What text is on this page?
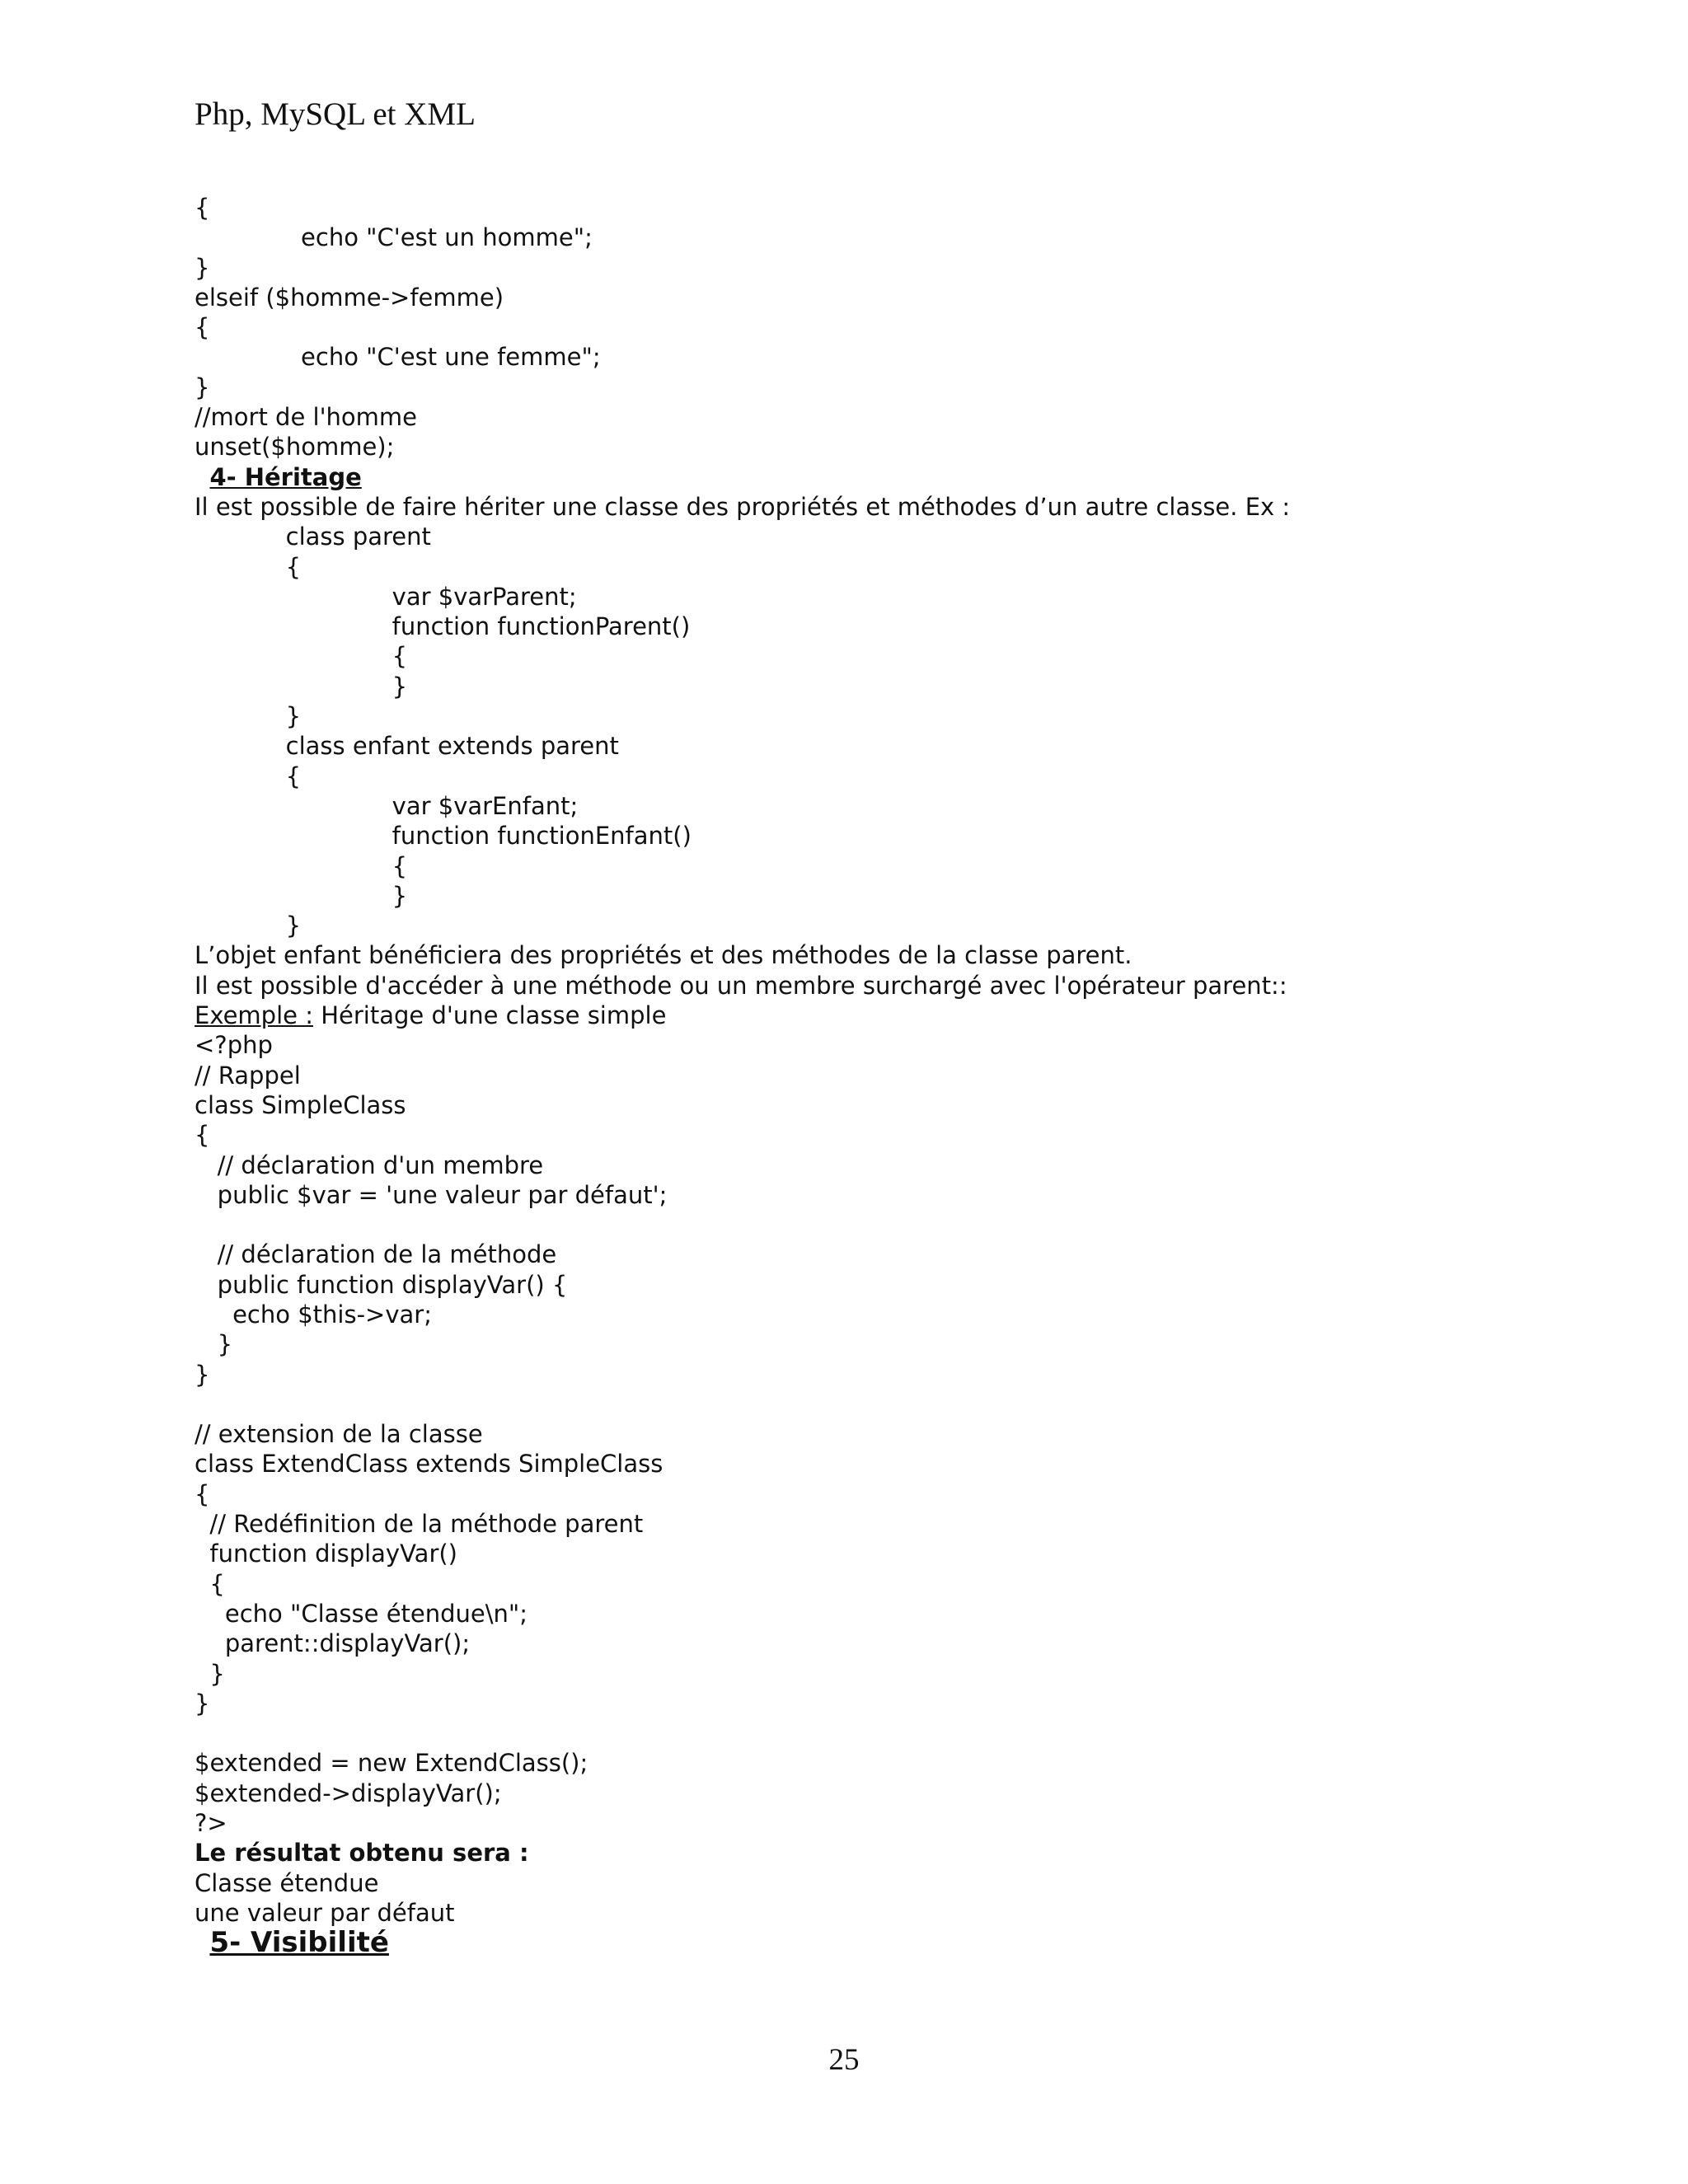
Php, MySQL et XML
{
echo "C'est un homme";
}
elseif ($homme->femme)
{
echo "C'est une femme";
}
//mort de l'homme
unset($homme);
4- Héritage
Il est possible de faire hériter une classe des propriétés et méthodes d’un autre classe. Ex :
class parent
{
var $varParent;
function functionParent()
{
}
}
class enfant extends parent
{
var $varEnfant;
function functionEnfant()
{
}
}
L’objet enfant bénéficiera des propriétés et des méthodes de la classe parent.
Il est possible d'accéder à une méthode ou un membre surchargé avec l'opérateur parent::
Exemple : Héritage d'une classe simple
<?php
// Rappel
class SimpleClass
{
// déclaration d'un membre
public $var = 'une valeur par défaut';
// déclaration de la méthode
public function displayVar() {
echo $this->var;
}
}
// extension de la classe
class ExtendClass extends SimpleClass
{
// Redéfinition de la méthode parent
function displayVar()
{
echo "Classe étendue\n";
parent::displayVar();
}
}
$extended = new ExtendClass();
$extended->displayVar();
?>
Le résultat obtenu sera :
Classe étendue
une valeur par défaut
5- Visibilité
25
